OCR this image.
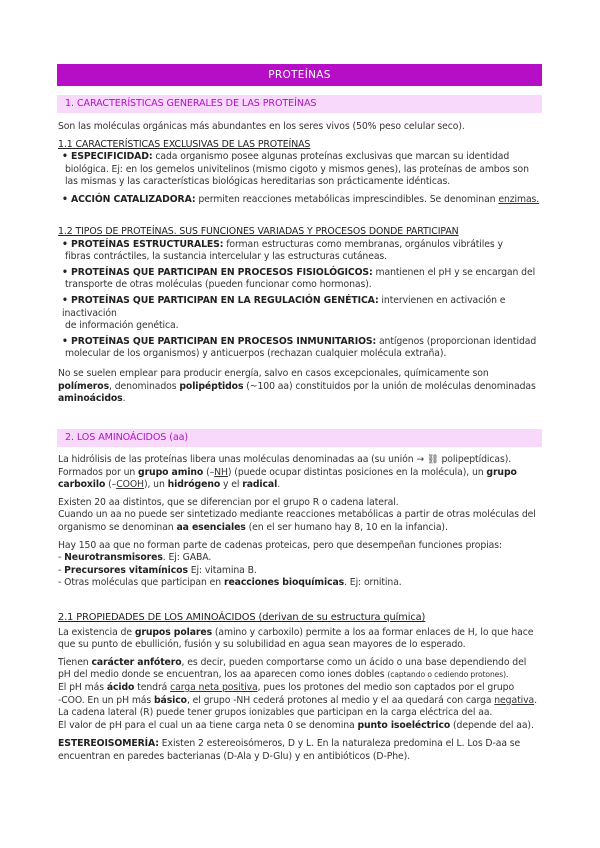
PROTEÍNAS
1. CARACTERÍSTICAS GENERALES DE LAS PROTEÍNAS

Son las moléculas orgánicas más abundantes en los seres vivos (50% peso celular seco).

1.1 CARACTERÍSTICAS EXCLUSIVAS DE LAS PROTEÍNAS

• ESPECIFICIDAD: cada organismo posee algunas proteínas exclusivas que marcan su identidad

biológica. Ej: en los gemelos univitelinos (mismo cigoto y mismos genes), las proteínas de ambos son

las mismas y las características biológicas hereditarias son prácticamente idénticas.

• ACCIÓN CATALIZADORA: permiten reacciones metabólicas imprescindibles. Se denominan enzimas.

1.2 TIPOS DE PROTEÍNAS. SUS FUNCIONES VARIADAS Y PROCESOS DONDE PARTICIPAN

• PROTEÍNAS ESTRUCTURALES: forman estructuras como membranas, orgánulos vibrátiles y

fibras contráctiles, la sustancia intercelular y las estructuras cutáneas.

• PROTEÍNAS QUE PARTICIPAN EN PROCESOS FISIOLÓGICOS: mantienen el pH y se encargan del

transporte de otras moléculas (pueden funcionar como hormonas).

• PROTEÍNAS QUE PARTICIPAN EN LA REGULACIÓN GENÉTICA: intervienen en activación e inactivación

de información genética.

• PROTEÍNAS QUE PARTICIPAN EN PROCESOS INMUNITARIOS: antígenos (proporcionan identidad

molecular de los organismos) y anticuerpos (rechazan cualquier molécula extraña).

No se suelen emplear para producir energía, salvo en casos excepcionales, químicamente son

polímeros, denominados polipéptidos (~100 aa) constituidos por la unión de moléculas denominadas

aminoácidos.

2. LOS AMINOÁCIDOS (aa)

La hidrólisis de las proteínas libera unas moléculas denominadas aa (su unión → ⛓ polipeptídicas).

Formados por un grupo amino (–NH) (puede ocupar distintas posiciones en la molécula), un grupo

carboxilo (–COOH), un hidrógeno y el radical.

Existen 20 aa distintos, que se diferencian por el grupo R o cadena lateral.

Cuando un aa no puede ser sintetizado mediante reacciones metabólicas a partir de otras moléculas del

organismo se denominan aa esenciales (en el ser humano hay 8, 10 en la infancia).

Hay 150 aa que no forman parte de cadenas proteicas, pero que desempeñan funciones propias:

- Neurotransmisores. Ej: GABA.

- Precursores vitamínicos Ej: vitamina B.

- Otras moléculas que participan en reacciones bioquímicas. Ej: ornitina.

2.1 PROPIEDADES DE LOS AMINOÁCIDOS (derivan de su estructura química)

La existencia de grupos polares (amino y carboxilo) permite a los aa formar enlaces de H, lo que hace

que su punto de ebullición, fusión y su solubilidad en agua sean mayores de lo esperado.

Tienen carácter anfótero, es decir, pueden comportarse como un ácido o una base dependiendo del

pH del medio donde se encuentran, los aa aparecen como iones dobles (captando o cediendo protones).

El pH más ácido tendrá carga neta positiva, pues los protones del medio son captados por el grupo

-COO. En un pH más básico, el grupo -NH cederá protones al medio y el aa quedará con carga negativa.

La cadena lateral (R) puede tener grupos ionizables que participan en la carga eléctrica del aa.

El valor de pH para el cual un aa tiene carga neta 0 se denomina punto isoeléctrico (depende del aa).

ESTEREOISOMERÍA: Existen 2 estereoisómeros, D y L. En la naturaleza predomina el L. Los D-aa se

encuentran en paredes bacterianas (D-Ala y D-Glu) y en antibióticos (D-Phe).
